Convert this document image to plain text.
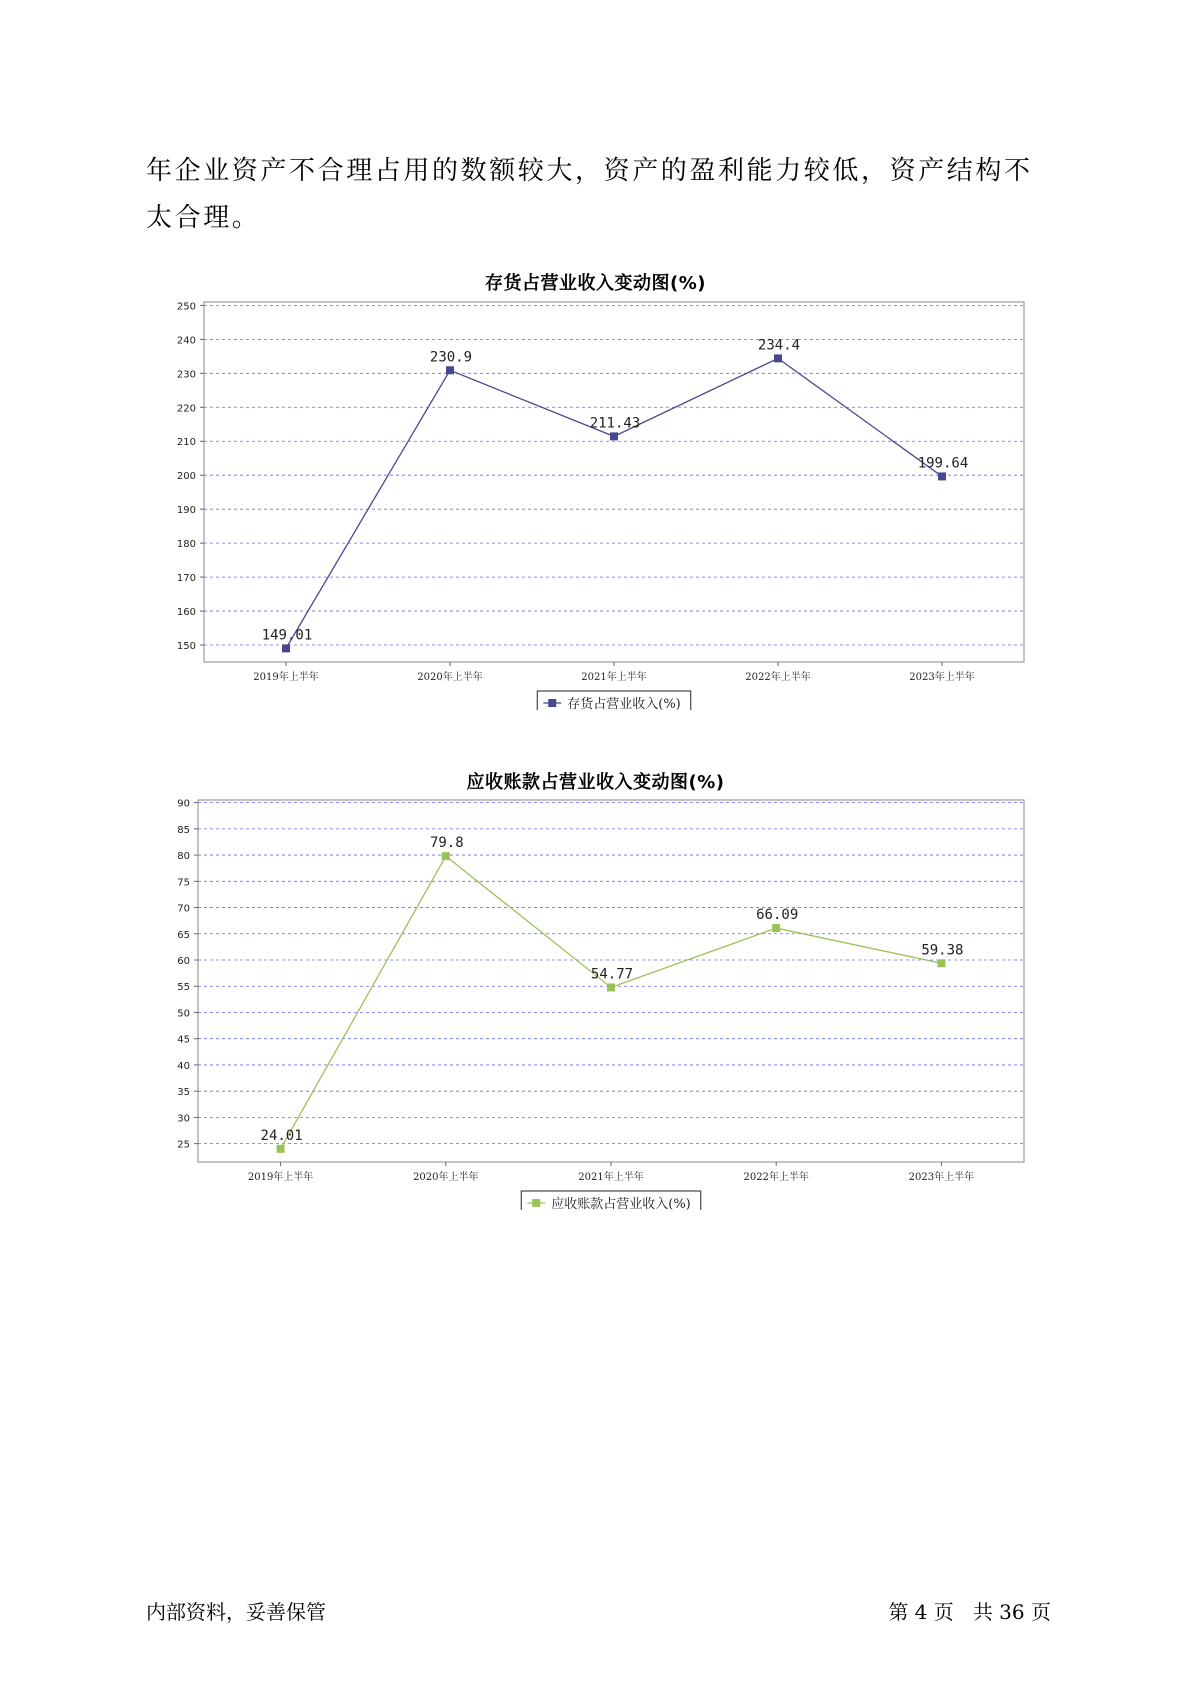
年企业资产不合理占用的数额较大，资产的盈利能力较低，资产结构不太合理。

存货占营业收入变动图(%)
150
160
170
180
190
200
210
220
230
240
250
2019年上半年	2020年上半年	2021年上半年	2022年上半年	2023年上半年
149.01
230.9
211.43
234.4
199.64
存货占营业收入(%)
应收账款占营业收入变动图(%)
25
30
35
40
45
50
55
60
65
70
75
80
85
90
2019年上半年	2020年上半年	2021年上半年	2022年上半年	2023年上半年
24.01
79.8
54.77
66.09
59.38
应收账款占营业收入(%)
内部资料，妥善保管	第 4 页   共 36 页
